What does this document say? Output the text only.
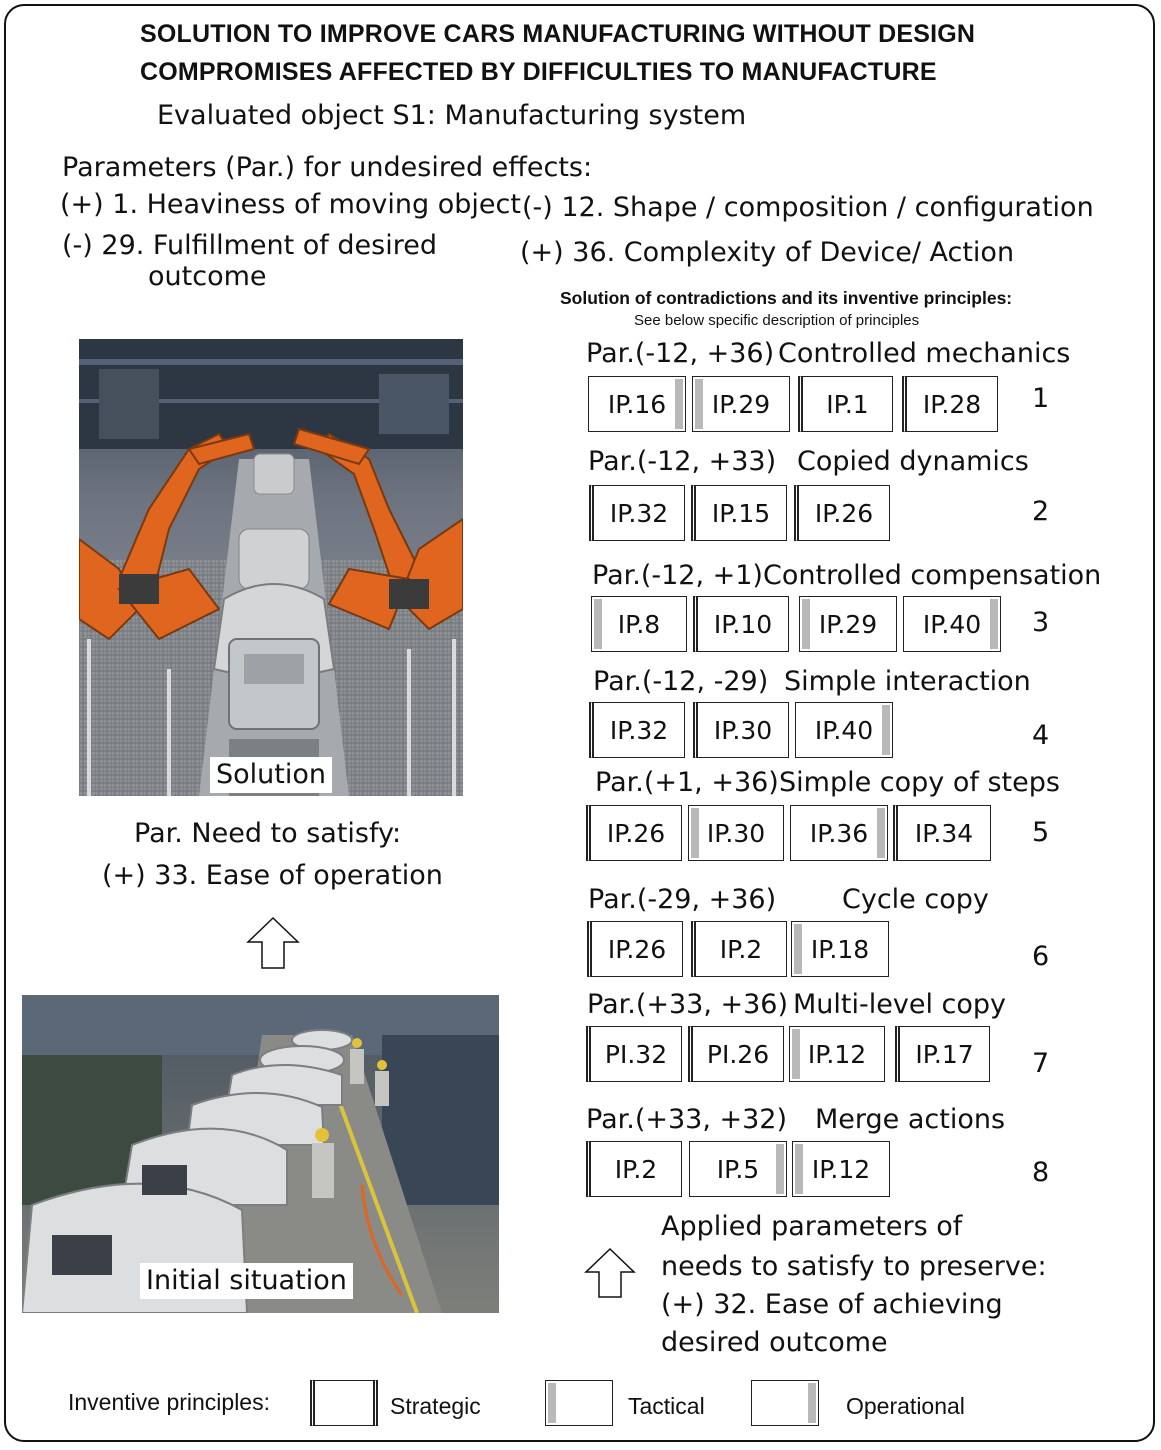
SOLUTION TO IMPROVE CARS MANUFACTURING WITHOUT DESIGN
COMPROMISES AFFECTED BY DIFFICULTIES TO MANUFACTURE
Evaluated object S1: Manufacturing system
Parameters (Par.) for undesired effects:
(+) 1. Heaviness of moving object (-) 12. Shape / composition / configuration
(-) 29. Fulfillment of desired
outcome
(+) 36. Complexity of Device/ Action
Solution of contradictions and its inventive principles:
See below specific description of principles
Solution
Par. Need to satisfy:
(+) 33. Ease of operation
Initial situation
Par.(-12, +36) Controlled mechanics
IP.16 IP.29 IP.1 IP.28 1
Par.(-12, +33) Copied dynamics
IP.32 IP.15 IP.26	2
Par.(-12, +1) Controlled compensation
IP.8 IP.10 IP.29 IP.40 3
Par.(-12, -29) Simple interaction
IP.32 IP.30 IP.40	4
Par.(+1, +36) Simple copy of steps
IP.26 IP.30 IP.36 IP.34 5
Par.(-29, +36) Cycle copy
IP.26 IP.2 IP.18	6
Par.(+33, +36) Multi-level copy
PI.32 PI.26 IP.12 IP.17 7
Par.(+33, +32) Merge actions
IP.2 IP.5 IP.12	8
Applied parameters of
needs to satisfy to preserve:
(+) 32. Ease of achieving
desired outcome
Inventive principles:	Strategic	Tactical	Operational
